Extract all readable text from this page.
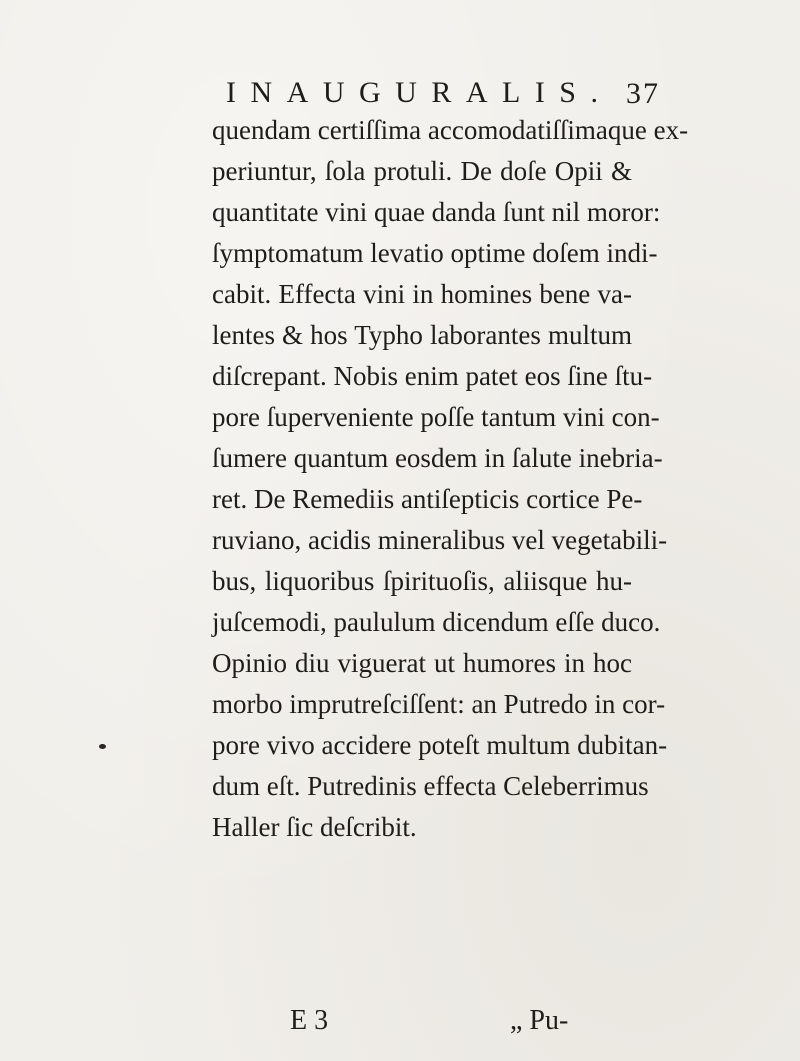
INAUGURALIS. 37
quendam certiſſima accomodatiſſimaque ex-
periuntur, ſola protuli. De doſe Opii &
quantitate vini quae danda ſunt nil moror:
ſymptomatum levatio optime doſem indi-
cabit. Effecta vini in homines bene va-
lentes & hos Typho laborantes multum
diſcrepant. Nobis enim patet eos ſine ſtu-
pore ſuperveniente poſſe tantum vini con-
ſumere quantum eosdem in ſalute inebria-
ret. De Remediis antiſepticis cortice Pe-
ruviano, acidis mineralibus vel vegetabili-
bus, liquoribus ſpirituoſis, aliisque hu-
juſcemodi, paululum dicendum eſſe duco.
Opinio diu viguerat ut humores in hoc
morbo imprutreſciſſent: an Putredo in cor-
pore vivo accidere poteſt multum dubitan-
dum eſt. Putredinis effecta Celeberrimus
Haller ſic deſcribit.
E 3	„ Pu-
